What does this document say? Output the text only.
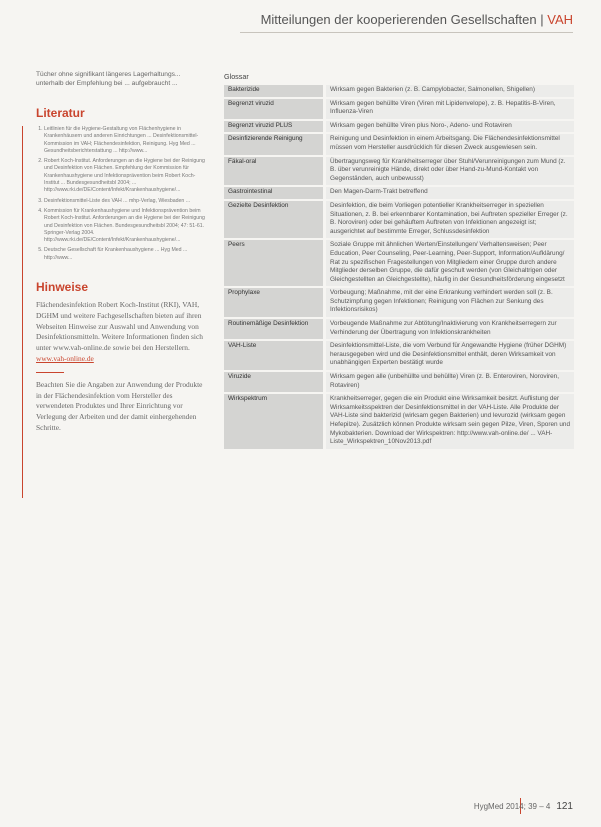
Mitteilungen der kooperierenden Gesellschaften | VAH

Tücher ohne signifikant längeres Lagerhaltungs... unterhalb der Empfehlung bei ... aufgebraucht ...

Literatur
1. Leitlinien für die Hygiene-Gestaltung von Flächenhygiene in Krankenhäusern und anderen Einrichtungen ... Desinfektionsmittel-Kommission im VAH; Flächendesinfektion, Reinigung. Hyg Med ... Gesundheitsberichterstattung ... http://www...
2. Robert Koch-Institut. Anforderungen an die Hygiene bei der Reinigung und Desinfektion von Flächen. Empfehlung der Kommission für Krankenhaushygiene und Infektionsprävention beim Robert Koch-Institut ... Bundesgesundheitsbl 2004; ... http://www.rki.de/DE/Content/Infekt/Krankenhaushygiene/...
3. Desinfektionsmittel-Liste des VAH ... mhp-Verlag, Wiesbaden ...
4. Kommission für Krankenhaushygiene und Infektionsprävention beim Robert Koch-Institut. Anforderungen an die Hygiene bei der Reinigung und Desinfektion von Flächen. Bundesgesundheitsbl 2004; 47: 51-61. Springer-Verlag 2004. http://www.rki.de/DE/Content/Infekt/Krankenhaushygiene/...
5. Deutsche Gesellschaft für Krankenhaushygiene ... Hyg Med ... http://www...
Hinweise

Flächendesinfektion Robert Koch-Institut (RKI), VAH, DGHM und weitere Fachgesellschaften bieten auf ihren Webseiten Hinweise zur Auswahl und Anwendung von Desinfektionsmitteln. Weitere Informationen finden sich unter www.vah-online.de sowie bei den Herstellern. www.vah-online.de

Beachten Sie die Angaben zur Anwendung der Produkte in der Flächendesinfektion vom Hersteller des verwendeten Produktes und Ihrer Einrichtung vor Verlegung der Arbeiten und der damit einhergehenden Schritte.

Glossar
Bakterizide	Wirksam gegen Bakterien (z. B. Campylobacter, Salmonellen, Shigellen)
Begrenzt viruzid	Wirksam gegen behüllte Viren (Viren mit Lipidenvelope), z. B. Hepatitis-B-Viren, Influenza-Viren
Begrenzt viruzid PLUS	Wirksam gegen behüllte Viren plus Noro-, Adeno- und Rotaviren
Desinfizierende Reinigung	Reinigung und Desinfektion in einem Arbeitsgang. Die Flächendesinfektionsmittel müssen vom Hersteller ausdrücklich für diesen Zweck ausgewiesen sein.
Fäkal-oral	Übertragungsweg für Krankheitserreger über Stuhl/Verunreinigungen zum Mund (z. B. über verunreinigte Hände, direkt oder über Hand-zu-Mund-Kontakt von Gegenständen, auch unbewusst)
Gastrointestinal	Den Magen-Darm-Trakt betreffend
Gezielte Desinfektion	Desinfektion, die beim Vorliegen potentieller Krankheitserreger in speziellen Situationen, z. B. bei erkennbarer Kontamination, bei Auftreten spezieller Erreger (z. B. Noroviren) oder bei gehäuftem Auftreten von Infektionen angezeigt ist; ausgerichtet auf bestimmte Erreger, Schlussdesinfektion
Peers	Soziale Gruppe mit ähnlichen Werten/Einstellungen/ Verhaltensweisen; Peer Education, Peer Counseling, Peer-Learning, Peer-Support, Information/Aufklärung/ Rat zu spezifischen Fragestellungen von Mitgliedern einer Gruppe durch andere Mitglieder derselben Gruppe, die dafür geschult werden (von Gleichaltrigen oder Gleichgestellten an Gleichgestellte), häufig in der Gesundheitsförderung eingesetzt
Prophylaxe	Vorbeugung; Maßnahme, mit der eine Erkrankung verhindert werden soll (z. B. Schutzimpfung gegen Infektionen; Reinigung von Flächen zur Senkung des Infektionsrisikos)
Routinemäßige Desinfektion	Vorbeugende Maßnahme zur Abtötung/Inaktivierung von Krankheitserregern zur Verhinderung der Übertragung von Infektionskrankheiten
VAH-Liste	Desinfektionsmittel-Liste, die vom Verbund für Angewandte Hygiene (früher DGHM) herausgegeben wird und die Desinfektionsmittel enthält, deren Wirksamkeit von unabhängigen Experten bestätigt wurde
Viruzide	Wirksam gegen alle (unbehüllte und behüllte) Viren (z. B. Enteroviren, Noroviren, Rotaviren)
Wirkspektrum	Krankheitserreger, gegen die ein Produkt eine Wirksamkeit besitzt. Auflistung der Wirksamkeitsspektren der Desinfektionsmittel in der VAH-Liste. Alle Produkte der VAH-Liste sind bakterizid (wirksam gegen Bakterien) und levurozid (wirksam gegen Hefepilze). Zusätzlich können Produkte wirksam sein gegen Pilze, Viren, Sporen und Mykobakterien. Download der Wirkspektren: http://www.vah-online.de/ ... VAH-Liste_Wirkspektren_10Nov2013.pdf
HygMed 2014; 39 – 4 121
